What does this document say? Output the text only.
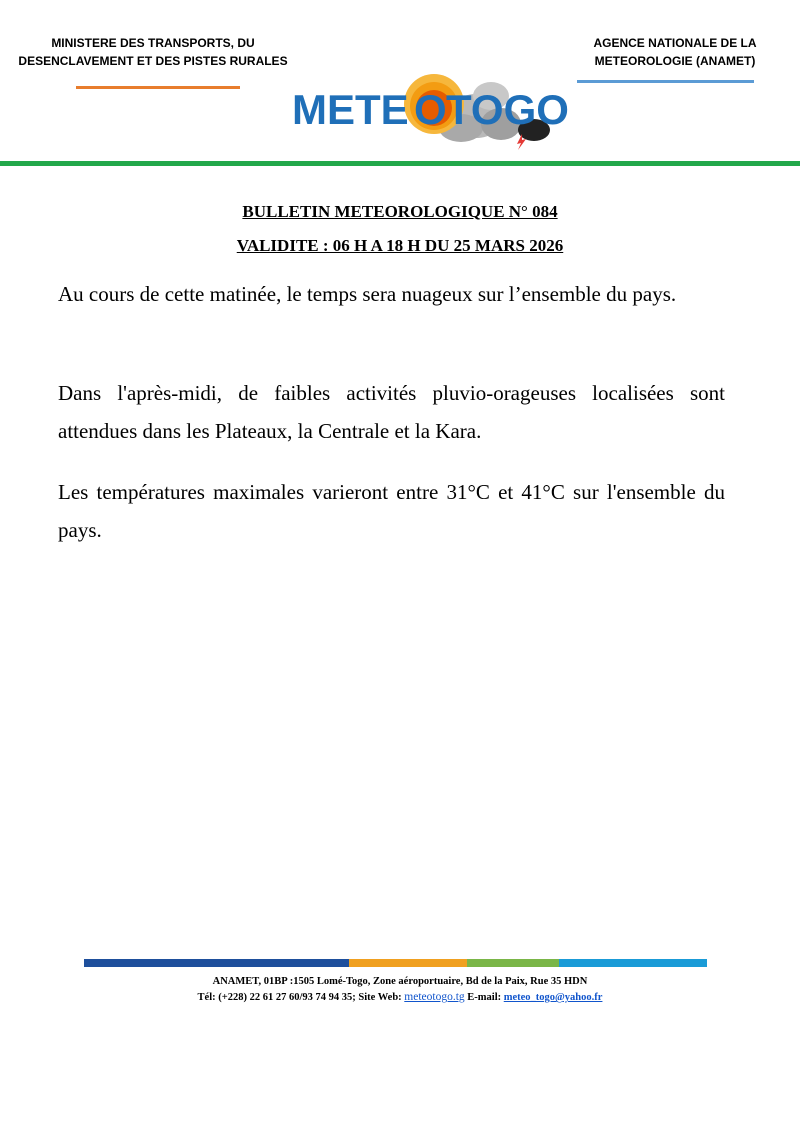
MINISTERE DES TRANSPORTS, DU
DESENCLAVEMENT ET DES PISTES RURALES
AGENCE NATIONALE DE LA
METEOROLOGIE (ANAMET)
METE O TOGO
BULLETIN METEOROLOGIQUE N° 084
VALIDITE : 06 H A 18 H DU 25 MARS 2026

Au cours de cette matinée, le temps sera nuageux sur l’ensemble du pays.

Dans l'après-midi, de faibles activités pluvio-orageuses localisées sont attendues dans les Plateaux, la Centrale et la Kara.

Les températures maximales varieront entre 31°C et 41°C sur l'ensemble du pays.

ANAMET, 01BP :1505 Lomé-Togo, Zone aéroportuaire, Bd de la Paix, Rue 35 HDN
Tél: (+228) 22 61 27 60/93 74 94 35; Site Web: meteotogo.tg E-mail: meteo_togo@yahoo.fr
